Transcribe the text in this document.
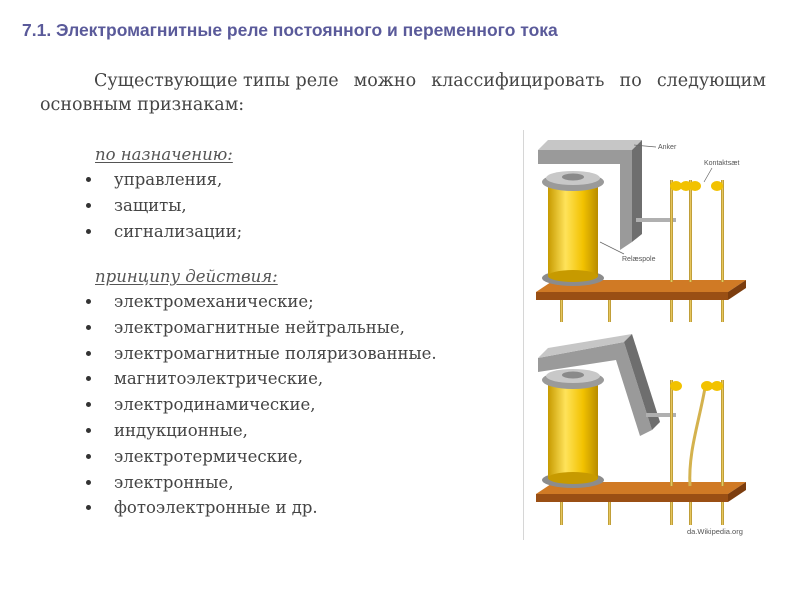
7.1. Электромагнитные реле постоянного и переменного тока
Существующие типы реле можно классифицировать по следующим
основным признакам:
по назначению:
управления,
защиты,
сигнализации;
принципу действия:
электромеханические;
электромагнитные нейтральные,
электромагнитные поляризованные.
магнитоэлектрические,
электродинамические,
индукционные,
электротермические,
электронные,
фотоэлектронные и др.
Anker
Kontaktsæt
Relæspole
da.Wikipedia.org
